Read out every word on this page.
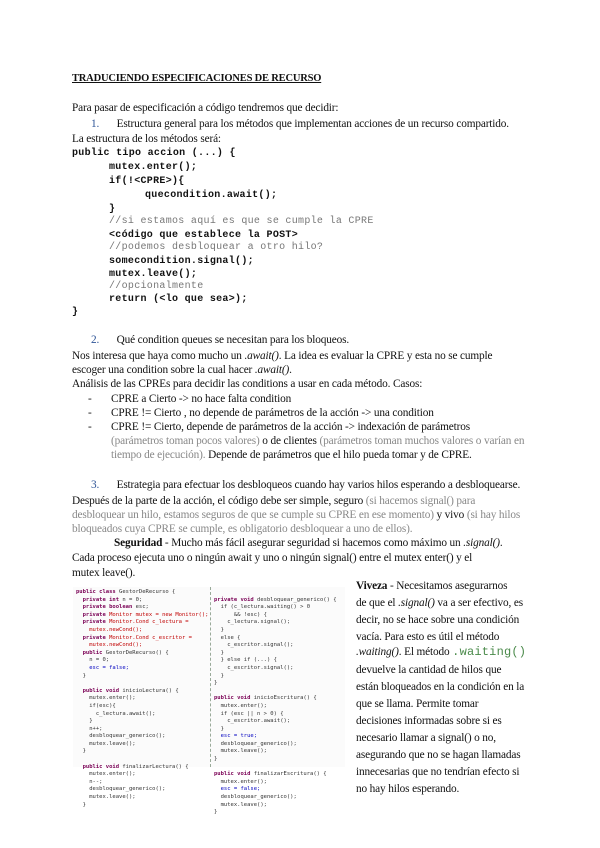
TRADUCIENDO ESPECIFICACIONES DE RECURSO
Para pasar de especificación a código tendremos que decidir:
1. Estructura general para los métodos que implementan acciones de un recurso compartido.
La estructura de los métodos será:
public tipo accion (...) {
mutex.enter();
if(!<CPRE>){
quecondition.await();
}
//si estamos aquí es que se cumple la CPRE
<código que establece la POST>
//podemos desbloquear a otro hilo?
somecondition.signal();
mutex.leave();
//opcionalmente
return (<lo que sea>);
}
2. Qué condition queues se necesitan para los bloqueos.
Nos interesa que haya como mucho un .await(). La idea es evaluar la CPRE y esta no se cumple
escoger una condition sobre la cual hacer .await().
Análisis de las CPREs para decidir las conditions a usar en cada método. Casos:
- CPRE a Cierto -> no hace falta condition
- CPRE != Cierto , no depende de parámetros de la acción -> una condition
- CPRE != Cierto, depende de parámetros de la acción -> indexación de parámetros
(parámetros toman pocos valores) o de clientes (parámetros toman muchos valores o varían en
tiempo de ejecución). Depende de parámetros que el hilo pueda tomar y de CPRE.
3. Estrategia para efectuar los desbloqueos cuando hay varios hilos esperando a desbloquearse.
Después de la parte de la acción, el código debe ser simple, seguro (si hacemos signal() para
desbloquear un hilo, estamos seguros de que se cumple su CPRE en ese momento) y vivo (si hay hilos
bloqueados cuya CPRE se cumple, es obligatorio desbloquear a uno de ellos).
Seguridad - Mucho más fácil asegurar seguridad si hacemos como máximo un .signal().
Cada proceso ejecuta uno o ningún await y uno o ningún signal() entre el mutex enter() y el
mutex leave().
public class GestorDeRecurso {
private int n = 0;
private boolean esc;
private Monitor mutex = new Monitor();
private Monitor.Cond c_lectura =
mutex.newCond();
private Monitor.Cond c_escritor =
mutex.newCond();
public GestorDeRecurso() {
n = 0;
esc = false;
}

public void inicioLectura() {
mutex.enter();
if(esc){
c_lectura.await();
}
n++;
desbloquear_generico();
mutex.leave();
}

public void finalizarLectura() {
mutex.enter();
n--;
desbloquear_generico();
mutex.leave();
}

private void desbloquear_generico() {
if (c_lectura.waiting() > 0
&& !esc) {
c_lectura.signal();
}
else {
c_escritor.signal();
}
} else if (...) {
c_escritor.signal();
}
}

public void inicioEscritura() {
mutex.enter();
if (esc || n > 0) {
c_escritor.await();
}
esc = true;
desbloquear_generico();
mutex.leave();
}

public void finalizarEscritura() {
mutex.enter();
esc = false;
desbloquear_generico();
mutex.leave();
}
Viveza - Necesitamos asegurarnos
de que el .signal() va a ser efectivo, es
decir, no se hace sobre una condición
vacía. Para esto es útil el método
.waiting(). El método .waiting()
devuelve la cantidad de hilos que
están bloqueados en la condición en la
que se llama. Permite tomar
decisiones informadas sobre si es
necesario llamar a signal() o no,
asegurando que no se hagan llamadas
innecesarias que no tendrían efecto si
no hay hilos esperando.
